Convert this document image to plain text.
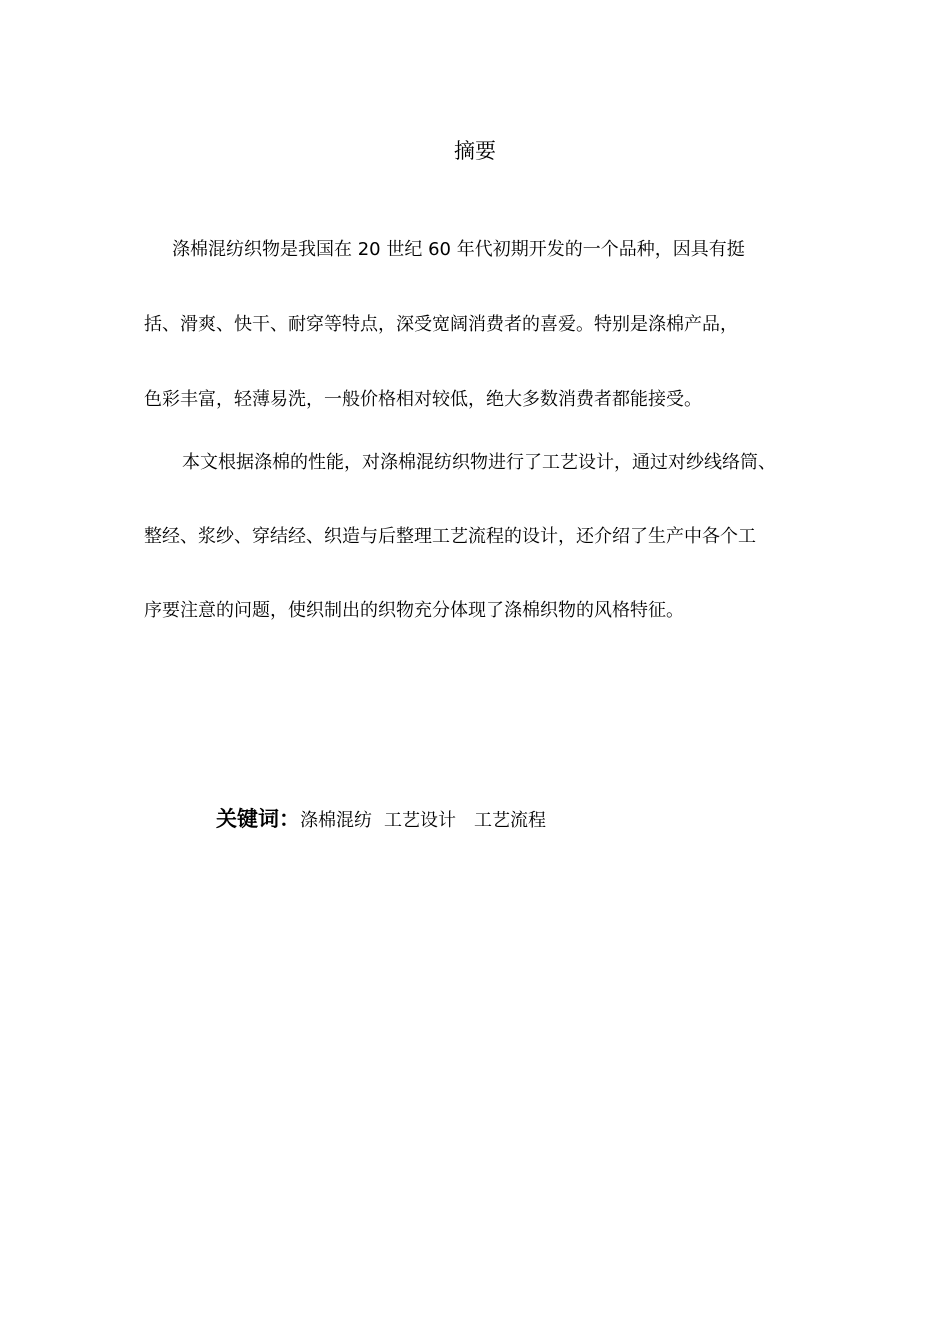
摘要
涤棉混纺织物是我国在 20 世纪 60 年代初期开发的一个品种，因具有挺
括、滑爽、快干、耐穿等特点，深受宽阔消费者的喜爱。特别是涤棉产品，
色彩丰富，轻薄易洗，一般价格相对较低，绝大多数消费者都能接受。
本文根据涤棉的性能，对涤棉混纺织物进行了工艺设计，通过对纱线络筒、
整经、浆纱、穿结经、织造与后整理工艺流程的设计，还介绍了生产中各个工
序要注意的问题，使织制出的织物充分体现了涤棉织物的风格特征。
关键词：涤棉混纺 工艺设计 工艺流程
